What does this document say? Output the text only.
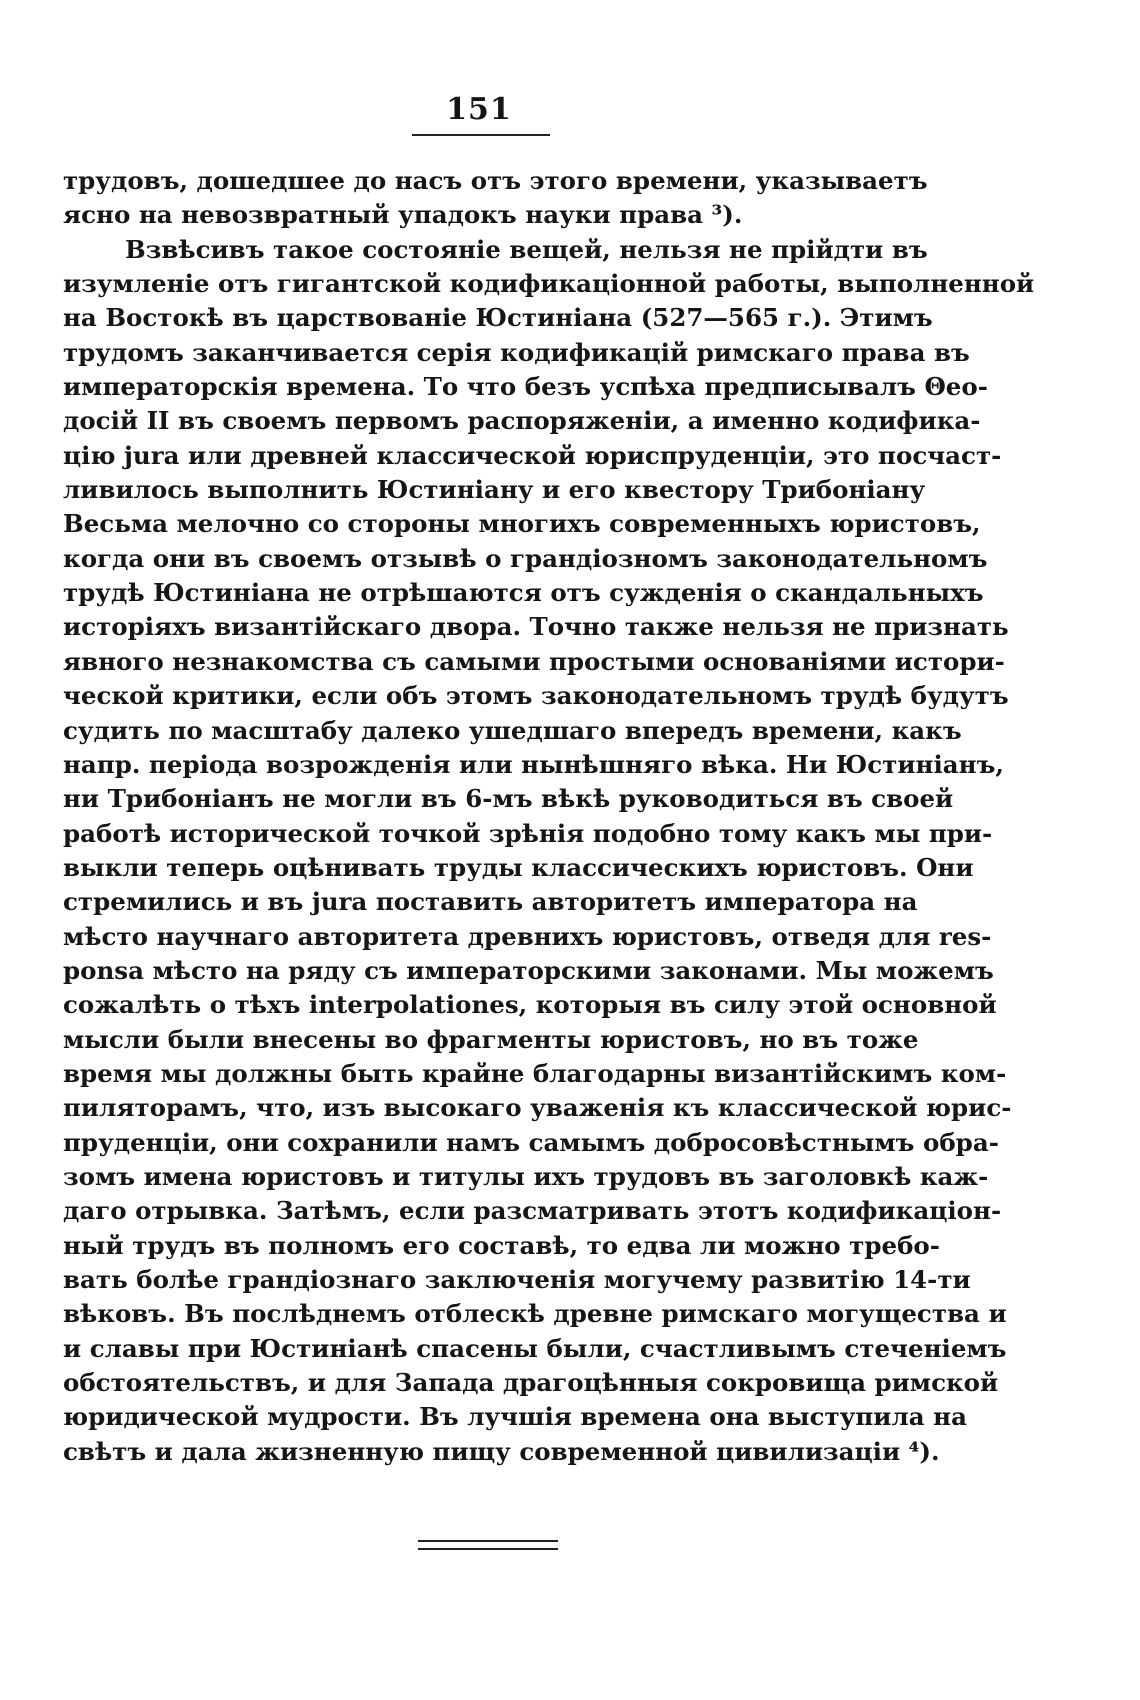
151
трудовъ, дошедшее до насъ отъ этого времени, указываетъ
ясно на невозвратный упадокъ науки права ³).
Взвѣсивъ такое состояніе вещей, нельзя не прійдти въ
изумленіе отъ гигантской кодификаціонной работы, выполненной
на Востокѣ въ царствованіе Юстиніана (527—565 г.). Этимъ
трудомъ заканчивается серія кодификацій римскаго права въ
императорскія времена. То что безъ успѣха предписывалъ Θео-
досій II въ своемъ первомъ распоряженіи, а именно кодифика-
цію jura или древней классической юриспруденціи, это посчаст-
ливилось выполнить Юстиніану и его квестору Трибоніану
Весьма мелочно со стороны многихъ современныхъ юристовъ,
когда они въ своемъ отзывѣ о грандіозномъ законодательномъ
трудѣ Юстиніана не отрѣшаются отъ сужденія о скандальныхъ
исторіяхъ византійскаго двора. Точно также нельзя не признать
явного незнакомства съ самыми простыми основаніями истори-
ческой критики, если объ этомъ законодательномъ трудѣ будутъ
судить по масштабу далеко ушедшаго впередъ времени, какъ
напр. періода возрожденія или нынѣшняго вѣка. Ни Юстиніанъ,
ни Трибоніанъ не могли въ 6-мъ вѣкѣ руководиться въ своей
работѣ исторической точкой зрѣнія подобно тому какъ мы при-
выкли теперь оцѣнивать труды классическихъ юристовъ. Они
стремились и въ jura поставить авторитетъ императора на
мѣсто научнаго авторитета древнихъ юристовъ, отведя для res-
ponsa мѣсто на ряду съ императорскими законами. Мы можемъ
сожалѣть о тѣхъ interpolationes, которыя въ силу этой основной
мысли были внесены во фрагменты юристовъ, но въ тоже
время мы должны быть крайне благодарны византійскимъ ком-
пиляторамъ, что, изъ высокаго уваженія къ классической юрис-
пруденціи, они сохранили намъ самымъ добросовѣстнымъ обра-
зомъ имена юристовъ и титулы ихъ трудовъ въ заголовкѣ каж-
даго отрывка. Затѣмъ, если разсматривать этотъ кодификацiон-
ный трудъ въ полномъ его составѣ, то едва ли можно требо-
вать болѣе грандіознаго заключенія могучему развитію 14-ти
вѣковъ. Въ послѣднемъ отблескѣ древне римскаго могущества и
и славы при Юстиніанѣ спасены были, счастливымъ стеченіемъ
обстоятельствъ, и для Запада драгоцѣнныя сокровища римской
юридической мудрости. Въ лучшія времена она выступила на
свѣтъ и дала жизненную пищу современной цивилизаціи ⁴).
